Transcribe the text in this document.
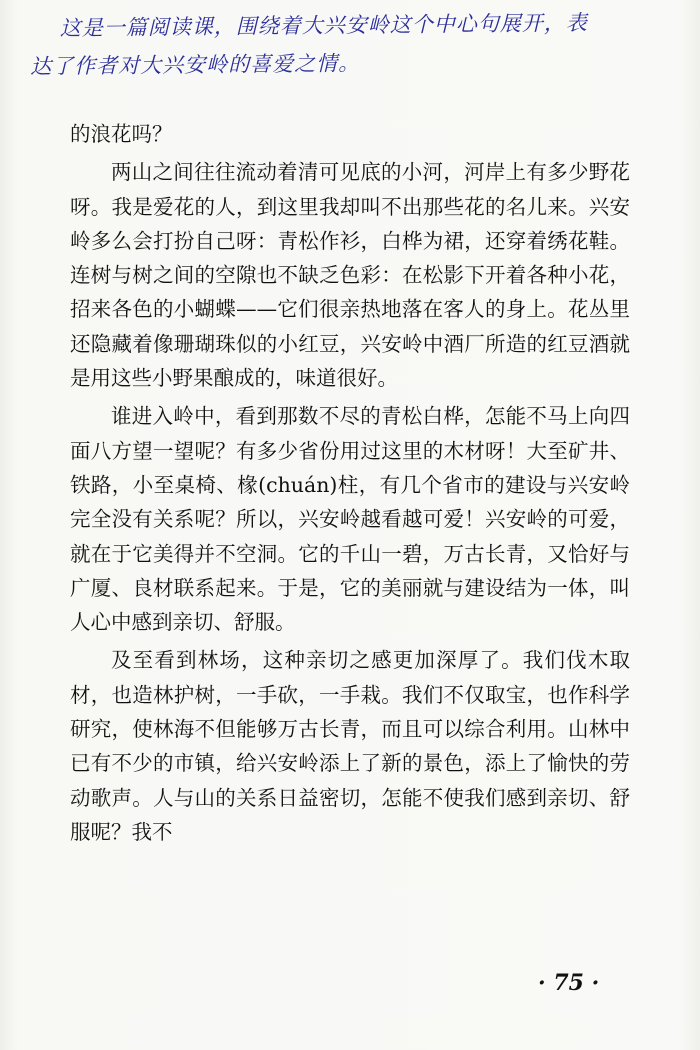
这是一篇阅读课，围绕着大兴安岭这个中心句展开，表
达了作者对大兴安岭的喜爱之情。

的浪花吗？

两山之间往往流动着清可见底的小河，河岸上有多少野花呀。我是爱花的人，到这里我却叫不出那些花的名儿来。兴安岭多么会打扮自己呀：青松作衫，白桦为裙，还穿着绣花鞋。连树与树之间的空隙也不缺乏色彩：在松影下开着各种小花，招来各色的小蝴蝶——它们很亲热地落在客人的身上。花丛里还隐藏着像珊瑚珠似的小红豆，兴安岭中酒厂所造的红豆酒就是用这些小野果酿成的，味道很好。

谁进入岭中，看到那数不尽的青松白桦，怎能不马上向四面八方望一望呢？有多少省份用过这里的木材呀！大至矿井、铁路，小至桌椅、椽(chuán)柱，有几个省市的建设与兴安岭完全没有关系呢？所以，兴安岭越看越可爱！兴安岭的可爱，就在于它美得并不空洞。它的千山一碧，万古长青，又恰好与广厦、良材联系起来。于是，它的美丽就与建设结为一体，叫人心中感到亲切、舒服。

及至看到林场，这种亲切之感更加深厚了。我们伐木取材，也造林护树，一手砍，一手栽。我们不仅取宝，也作科学研究，使林海不但能够万古长青，而且可以综合利用。山林中已有不少的市镇，给兴安岭添上了新的景色，添上了愉快的劳动歌声。人与山的关系日益密切，怎能不使我们感到亲切、舒服呢？我不

· 75 ·
